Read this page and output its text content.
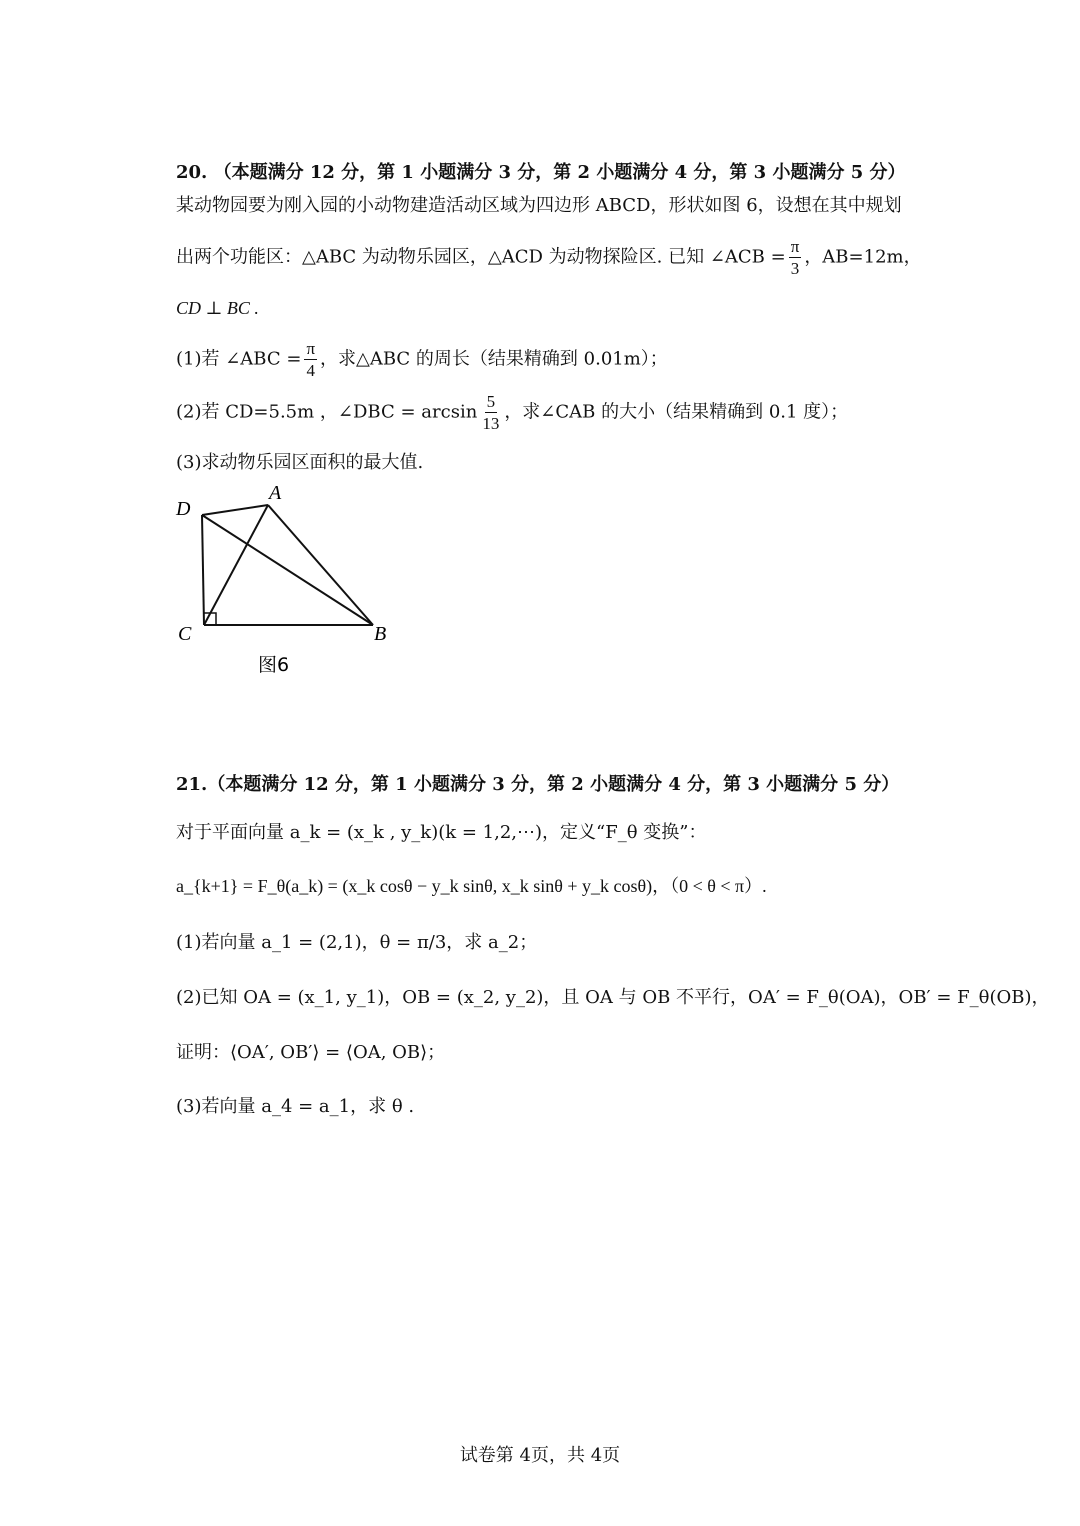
20. （本题满分 12 分，第 1 小题满分 3 分，第 2 小题满分 4 分，第 3 小题满分 5 分）
某动物园要为刚入园的小动物建造活动区域为四边形 ABCD，形状如图 6，设想在其中规划
出两个功能区：△ABC 为动物乐园区，△ACD 为动物探险区. 已知 ∠ACB = $\frac{\pi}{3}$ ，AB=12m，
CD ⊥ BC .
(1)若 ∠ABC = $\frac{\pi}{4}$ ，求△ABC 的周长（结果精确到 0.01m）；
(2)若 CD=5.5m ，∠DBC = $\arcsin \frac{5}{13}$ ，求∠CAB 的大小（结果精确到 0.1 度）；
(3)求动物乐园区面积的最大值.
A
D
C	B
图6
21.（本题满分 12 分，第 1 小题满分 3 分，第 2 小题满分 4 分，第 3 小题满分 5 分）
对于平面向量 a_k = (x_k , y_k)(k = 1,2,⋯)，定义“F_θ 变换”：
a_{k+1} = F_θ(a_k) = (x_k cosθ − y_k sinθ, x_k sinθ + y_k cosθ)，（0 < θ < π）.
(1)若向量 a_1 = (2,1)，θ = π/3，求 a_2；
(2)已知 OA = (x_1, y_1)，OB = (x_2, y_2)，且 OA 与 OB 不平行，OA′ = F_θ(OA)，OB′ = F_θ(OB)，
证明：⟨OA′, OB′⟩ = ⟨OA, OB⟩；
(3)若向量 a_4 = a_1，求 θ .
试卷第 4页，共 4页
